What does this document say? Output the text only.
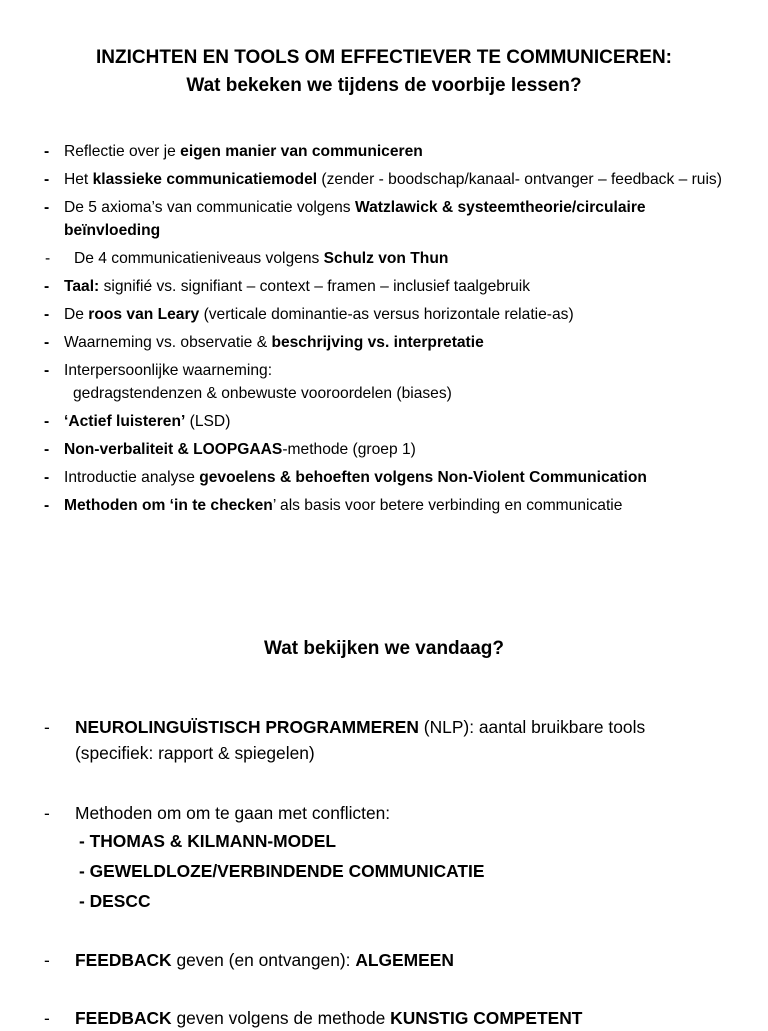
INZICHTEN EN TOOLS OM EFFECTIEVER TE COMMUNICEREN:
Wat bekeken we tijdens de voorbije lessen?
- Reflectie over je eigen manier van communiceren
- Het klassieke communicatiemodel (zender - boodschap/kanaal- ontvanger – feedback – ruis)
- De 5 axioma’s van communicatie volgens Watzlawick & systeemtheorie/circulaire beïnvloeding
- De 4 communicatieniveaus volgens Schulz von Thun
- Taal: signifié vs. signifiant – context – framen – inclusief taalgebruik
- De roos van Leary (verticale dominantie-as versus horizontale relatie-as)
- Waarneming vs. observatie & beschrijving vs. interpretatie
- Interpersoonlijke waarneming:
gedragstendenzen & onbewuste vooroordelen (biases)
- ‘Actief luisteren’ (LSD)
- Non-verbaliteit & LOOPGAAS-methode (groep 1)
- Introductie analyse gevoelens & behoeften volgens Non-Violent Communication
- Methoden om ‘in te checken’ als basis voor betere verbinding en communicatie
Wat bekijken we vandaag?
- NEUROLINGUÏSTISCH PROGRAMMEREN (NLP): aantal bruikbare tools (specifiek: rapport & spiegelen)
- Methoden om om te gaan met conflicten:
- THOMAS & KILMANN-MODEL
- GEWELDLOZE/VERBINDENDE COMMUNICATIE
- DESCC
- FEEDBACK geven (en ontvangen): ALGEMEEN
- FEEDBACK geven volgens de methode KUNSTIG COMPETENT
